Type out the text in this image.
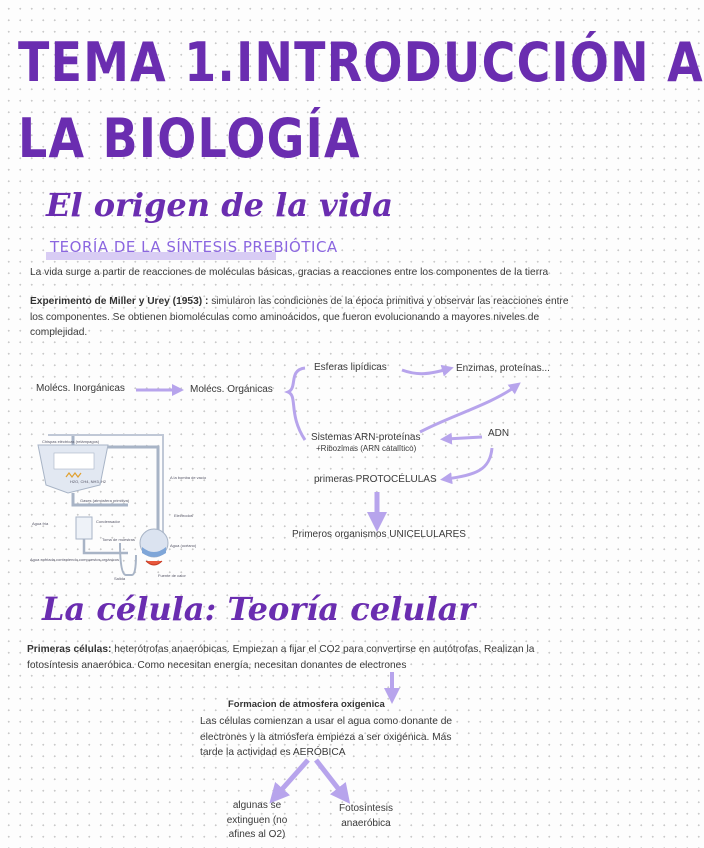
TEMA 1.INTRODUCCIÓN A
LA BIOLOGÍA
El origen de la vida
TEORÍA DE LA SÍNTESIS PREBIÓTICA
La vida surge a partir de reacciones de moléculas básicas, gracias a reacciones entre los componentes de la tierra
Experimento de Miller y Urey (1953) : simularon las condiciones de la época primitiva y observar las reacciones entre los componentes. Se obtienen biomoléculas como aminoácidos, que fueron evolucionando a mayores niveles de complejidad.
Molécs. Inorgánicas	Molécs. Orgánicas
Esferas lipídicas	Enzimas, proteínas...
Sistemas ARN-proteínas
+Ribozimas (ARN catalítico)
ADN
primeras PROTOCÉLULAS
Primeros organismos UNICELULARES
Chispas eléctricas (relámpagos)
H2O, CH4, NH3, H2
Gases (atmósfera primitiva)
Condensador
Agua fría
Toma de muestras
Agua enfriada conteniendo compuestos orgánicos
Salida
A la bomba de vacío
Agua (océano)
Fuente de calor
Electrodos
La célula: Teoría celular
Primeras células: heterótrofas anaeróbicas. Empiezan a fijar el CO2 para convertirse en autótrofas. Realizan la fotosíntesis anaeróbica. Como necesitan energía, necesitan donantes de electrones
Formacion de atmosfera oxigenica
Las células comienzan a usar el agua como donante de electrones y la atmósfera empieza a ser oxigénica. Más tarde la actividad es AERÓBICA
algunas se extinguen (no afines al O2)
Fotosíntesis anaeróbica
